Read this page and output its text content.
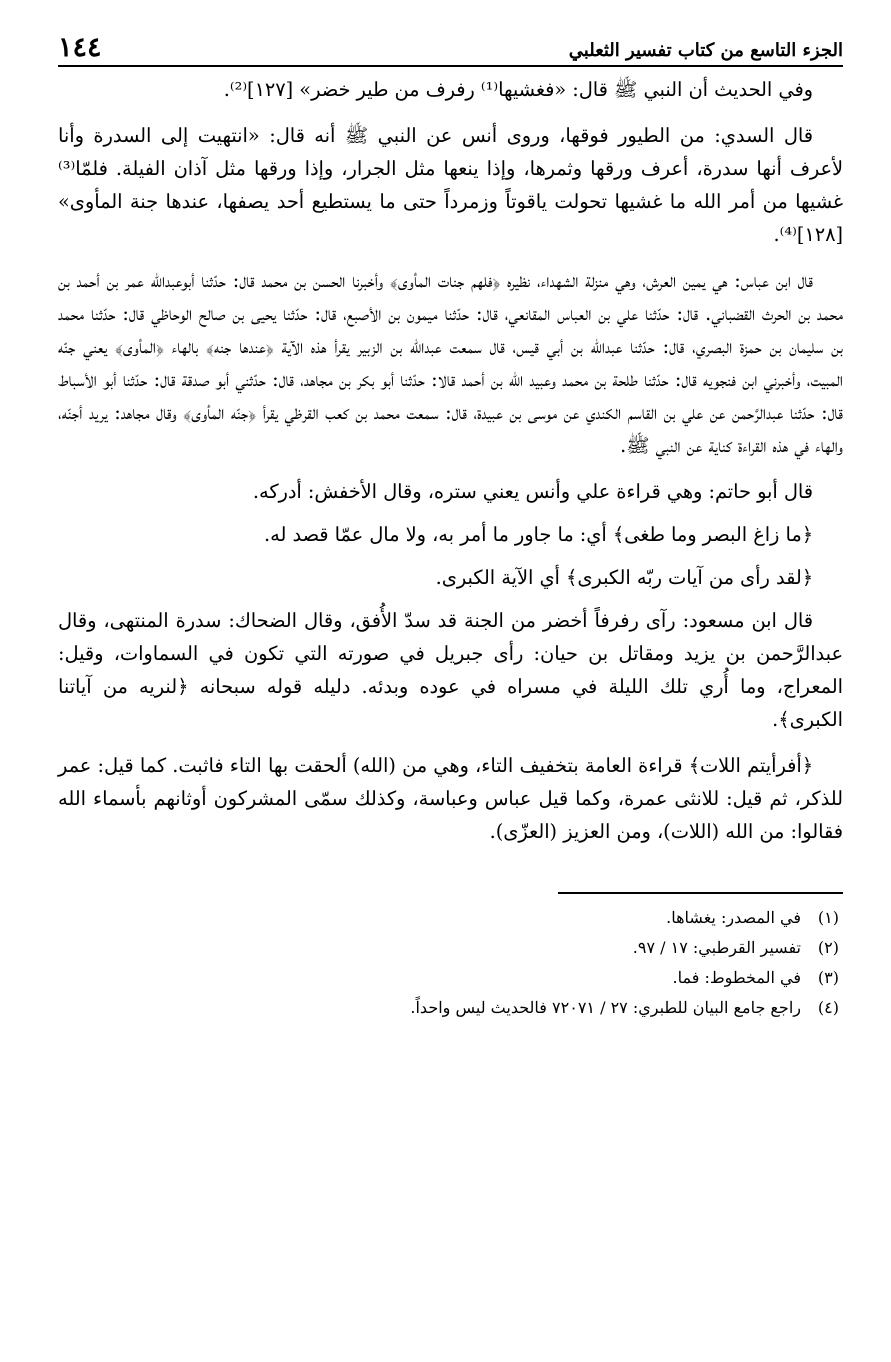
الجزء التاسع من كتاب تفسير الثعلبي
١٤٤

وفي الحديث أن النبي ﷺ قال: «فغشيها⁽¹⁾ رفرف من طير خضر» [١٢٧]⁽²⁾.

قال السدي: من الطيور فوقها، وروى أنس عن النبي ﷺ أنه قال: «انتهيت إلى السدرة وأنا لأعرف أنها سدرة، أعرف ورقها وثمرها، وإذا ينعها مثل الجرار، وإذا ورقها مثل آذان الفيلة. فلمّا⁽³⁾ غشيها من أمر الله ما غشيها تحولت ياقوتاً وزمرداً حتى ما يستطيع أحد يصفها، عندها جنة المأوى» [١٢٨]⁽⁴⁾.

قال ابن عباس: هي يمين العرش، وهي منزلة الشهداء، نظيره ﴿فلهم جنات المأوى﴾ وأخبرنا الحسن بن محمد قال: حدّثنا أبوعبدالله عمر بن أحمد بن محمد بن الحرث القضباني. قال: حدّثنا علي بن العباس المقانعي، قال: حدّثنا ميمون بن الأصبع، قال: حدّثنا يحيى بن صالح الوحاظي قال: حدّثنا محمد بن سليمان بن حمزة البصري، قال: حدّثنا عبدالله بن أبي قيس، قال سمعت عبدالله بن الزبير يقرأ هذه الآية ﴿عندها جنه﴾ بالهاء ﴿المأوى﴾ يعني جنّه المبيت، وأخبرني ابن فنجويه قال: حدّثنا طلحة بن محمد وعبيد الله بن أحمد قالا: حدّثنا أبو بكر بن مجاهد، قال: حدّثني أبو صدقة قال: حدّثنا أبو الأسباط قال: حدّثنا عبدالرَّحمن عن علي بن القاسم الكندي عن موسى بن عبيدة، قال: سمعت محمد بن كعب القرظي يقرأ ﴿جنّه المأوى﴾ وقال مجاهد: يريد أجنّه، والهاء في هذه القراءة كناية عن النبي ﷺ.

قال أبو حاتم: وهي قراءة علي وأنس يعني ستره، وقال الأخفش: أدركه.

﴿ما زاغ البصر وما طغى﴾ أي: ما جاور ما أمر به، ولا مال عمّا قصد له.

﴿لقد رأى من آيات ربّه الكبرى﴾ أي الآية الكبرى.

قال ابن مسعود: رآى رفرفاً أخضر من الجنة قد سدّ الأُفق، وقال الضحاك: سدرة المنتهى، وقال عبدالرَّحمن بن يزيد ومقاتل بن حيان: رأى جبريل في صورته التي تكون في السماوات، وقيل: المعراج، وما أُري تلك الليلة في مسراه في عوده وبدئه. دليله قوله سبحانه ﴿لنريه من آياتنا الكبرى﴾.

﴿أفرأيتم اللات﴾ قراءة العامة بتخفيف التاء، وهي من (الله) ألحقت بها التاء فاثبت. كما قيل: عمر للذكر، ثم قيل: للانثى عمرة، وكما قيل عباس وعباسة، وكذلك سمّى المشركون أوثانهم بأسماء الله فقالوا: من الله (اللات)، ومن العزيز (العزّى).

(١)في المصدر: يغشاها.
(٢)تفسير القرطبي: ١٧ / ٩٧.
(٣)في المخطوط: فما.
(٤)راجع جامع البيان للطبري: ٢٧ / ٧٢٠٧١ فالحديث ليس واحداً.
